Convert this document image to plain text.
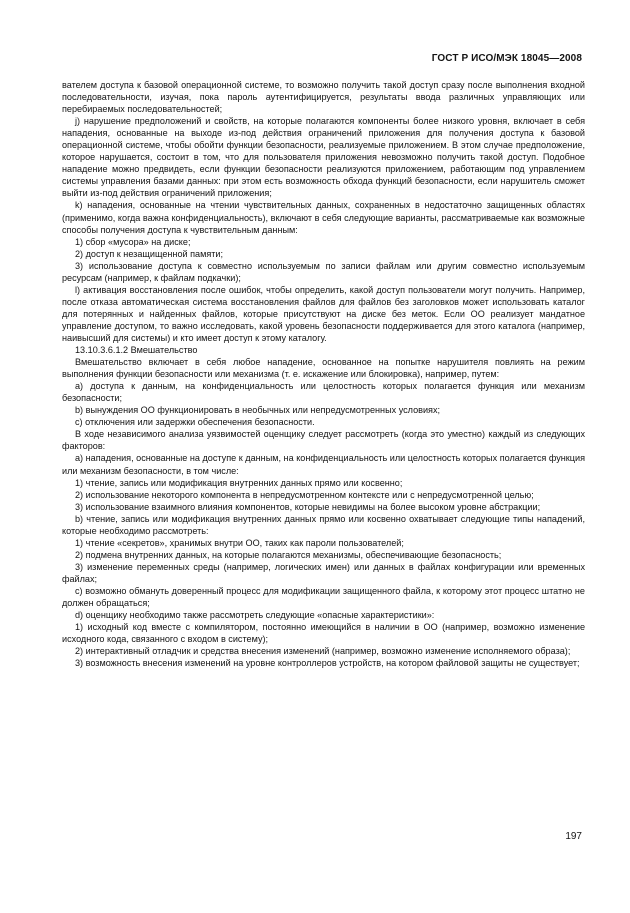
ГОСТ Р ИСО/МЭК 18045—2008

вателем доступа к базовой операционной системе, то возможно получить такой доступ сразу после выполнения входной последовательности, изучая, пока пароль аутентифицируется, результаты ввода различных управляющих или перебираемых последовательностей;

j) нарушение предположений и свойств, на которые полагаются компоненты более низкого уровня, включает в себя нападения, основанные на выходе из-под действия ограничений приложения для получения доступа к базовой операционной системе, чтобы обойти функции безопасности, реализуемые приложением. В этом случае предположение, которое нарушается, состоит в том, что для пользователя приложения невозможно получить такой доступ. Подобное нападение можно предвидеть, если функции безопасности реализуются приложением, работающим под управлением системы управления базами данных: при этом есть возможность обхода функций безопасности, если нарушитель сможет выйти из-под действия ограничений приложения;

k) нападения, основанные на чтении чувствительных данных, сохраненных в недостаточно защищенных областях (применимо, когда важна конфиденциальность), включают в себя следующие варианты, рассматриваемые как возможные способы получения доступа к чувствительным данным:

1) сбор «мусора» на диске;

2) доступ к незащищенной памяти;

3) использование доступа к совместно используемым по записи файлам или другим совместно используемым ресурсам (например, к файлам подкачки);

l) активация восстановления после ошибок, чтобы определить, какой доступ пользователи могут получить. Например, после отказа автоматическая система восстановления файлов для файлов без заголовков может использовать каталог для потерянных и найденных файлов, которые присутствуют на диске без меток. Если ОО реализует мандатное управление доступом, то важно исследовать, какой уровень безопасности поддерживается для этого каталога (например, наивысший для системы) и кто имеет доступ к этому каталогу.

13.10.3.6.1.2 Вмешательство

Вмешательство включает в себя любое нападение, основанное на попытке нарушителя повлиять на режим выполнения функции безопасности или механизма (т. е. искажение или блокировка), например, путем:

a) доступа к данным, на конфиденциальность или целостность которых полагается функция или механизм безопасности;

b) вынуждения ОО функционировать в необычных или непредусмотренных условиях;

c) отключения или задержки обеспечения безопасности.

В ходе независимого анализа уязвимостей оценщику следует рассмотреть (когда это уместно) каждый из следующих факторов:

a) нападения, основанные на доступе к данным, на конфиденциальность или целостность которых полагается функция или механизм безопасности, в том числе:

1) чтение, запись или модификация внутренних данных прямо или косвенно;

2) использование некоторого компонента в непредусмотренном контексте или с непредусмотренной целью;

3) использование взаимного влияния компонентов, которые невидимы на более высоком уровне абстракции;

b) чтение, запись или модификация внутренних данных прямо или косвенно охватывает следующие типы нападений, которые необходимо рассмотреть:

1) чтение «секретов», хранимых внутри ОО, таких как пароли пользователей;

2) подмена внутренних данных, на которые полагаются механизмы, обеспечивающие безопасность;

3) изменение переменных среды (например, логических имен) или данных в файлах конфигурации или временных файлах;

c) возможно обмануть доверенный процесс для модификации защищенного файла, к которому этот процесс штатно не должен обращаться;

d) оценщику необходимо также рассмотреть следующие «опасные характеристики»:

1) исходный код вместе с компилятором, постоянно имеющийся в наличии в ОО (например, возможно изменение исходного кода, связанного с входом в систему);

2) интерактивный отладчик и средства внесения изменений (например, возможно изменение исполняемого образа);

3) возможность внесения изменений на уровне контроллеров устройств, на котором файловой защиты не существует;

197
